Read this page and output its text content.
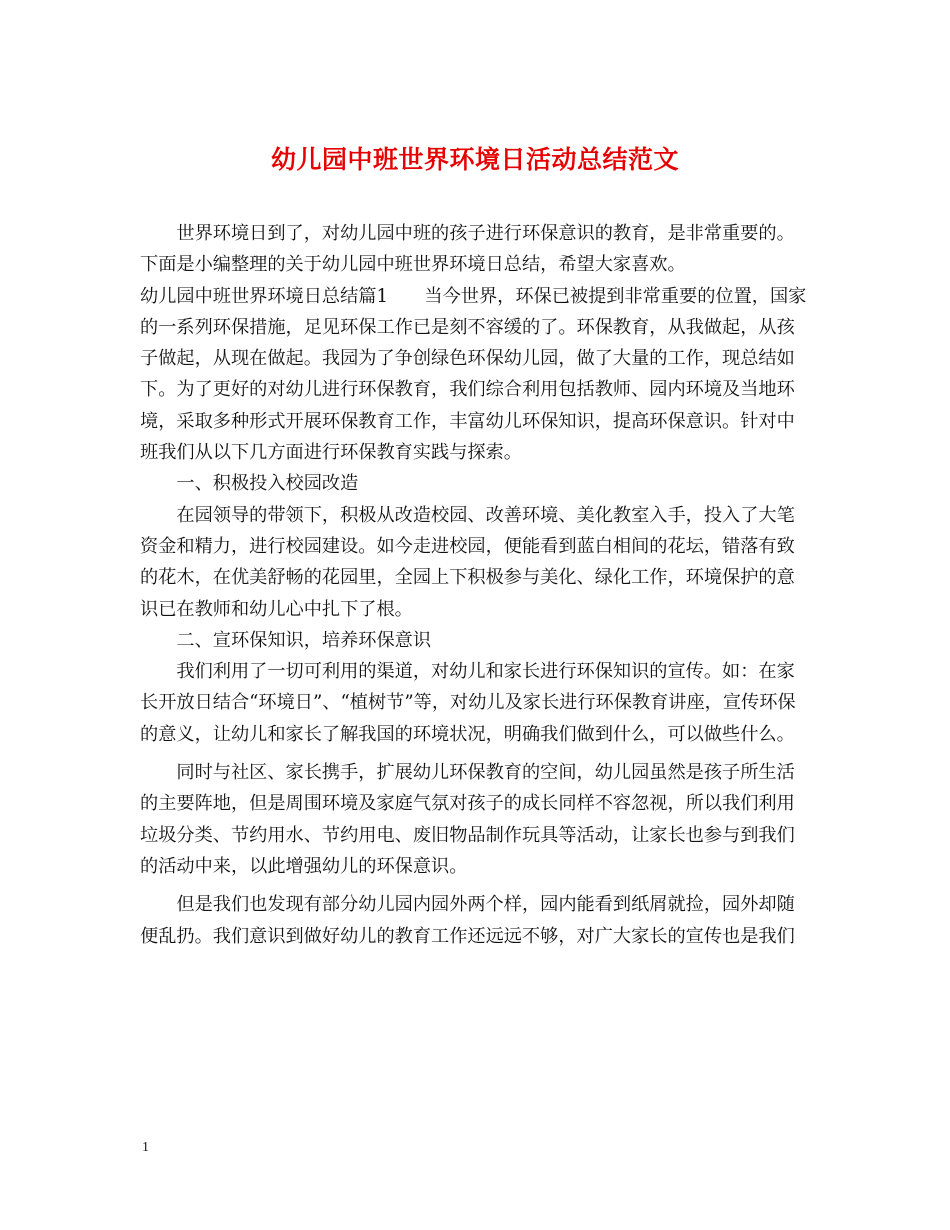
幼儿园中班世界环境日活动总结范文

世界环境日到了，对幼儿园中班的孩子进行环保意识的教育，是非常重要的。下面是小编整理的关于幼儿园中班世界环境日总结，希望大家喜欢。

幼儿园中班世界环境日总结篇1　　 当今世界，环保已被提到非常重要的位置，国家的一系列环保措施，足见环保工作已是刻不容缓的了。环保教育，从我做起，从孩子做起，从现在做起。我园为了争创绿色环保幼儿园，做了大量的工作，现总结如下。为了更好的对幼儿进行环保教育，我们综合利用包括教师、园内环境及当地环境，采取多种形式开展环保教育工作，丰富幼儿环保知识，提高环保意识。针对中班我们从以下几方面进行环保教育实践与探索。

一、积极投入校园改造

在园领导的带领下，积极从改造校园、改善环境、美化教室入手，投入了大笔资金和精力，进行校园建设。如今走进校园，便能看到蓝白相间的花坛，错落有致的花木，在优美舒畅的花园里，全园上下积极参与美化、绿化工作，环境保护的意识已在教师和幼儿心中扎下了根。

二、宣环保知识，培养环保意识

我们利用了一切可利用的渠道，对幼儿和家长进行环保知识的宣传。如：在家长开放日结合“环境日”、“植树节”等，对幼儿及家长进行环保教育讲座，宣传环保的意义，让幼儿和家长了解我国的环境状况，明确我们做到什么，可以做些什么。

同时与社区、家长携手，扩展幼儿环保教育的空间，幼儿园虽然是孩子所生活的主要阵地，但是周围环境及家庭气氛对孩子的成长同样不容忽视，所以我们利用垃圾分类、节约用水、节约用电、废旧物品制作玩具等活动，让家长也参与到我们的活动中来，以此增强幼儿的环保意识。

但是我们也发现有部分幼儿园内园外两个样，园内能看到纸屑就捡，园外却随便乱扔。我们意识到做好幼儿的教育工作还远远不够，对广大家长的宣传也是我们

1
